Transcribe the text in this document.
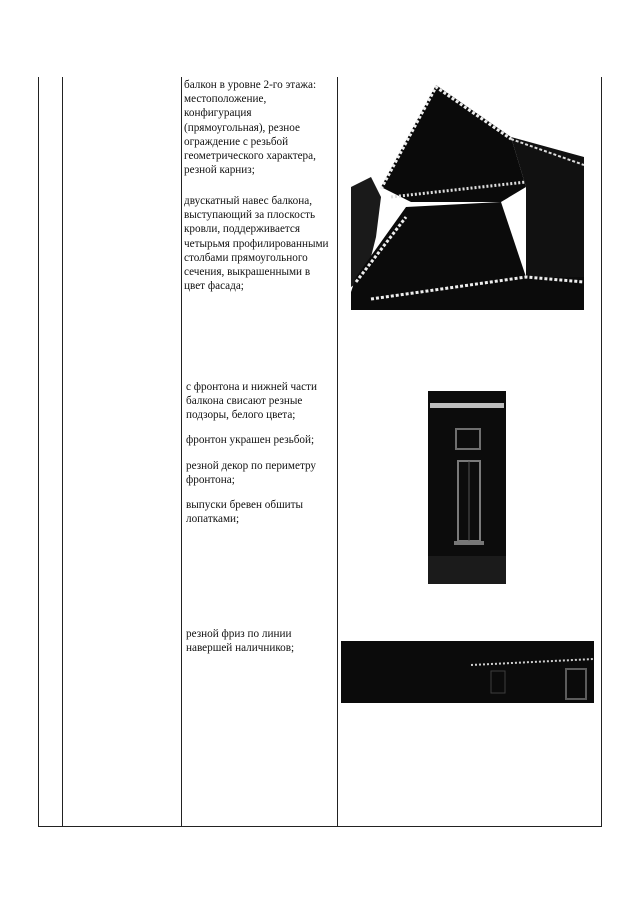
балкон в уровне 2-го этажа: местоположение, конфигурация (прямоугольная), резное ограждение с резьбой геометрического характера, резной карниз;
двускатный навес балкона, выступающий за плоскость кровли, поддерживается четырьмя профилированными столбами прямоугольного сечения, выкрашенными в цвет фасада;
с фронтона и нижней части балкона свисают резные подзоры, белого цвета;
фронтон украшен резьбой;
резной декор по периметру фронтона;
выпуски бревен обшиты лопатками;
резной фриз по линии навершей наличников;
